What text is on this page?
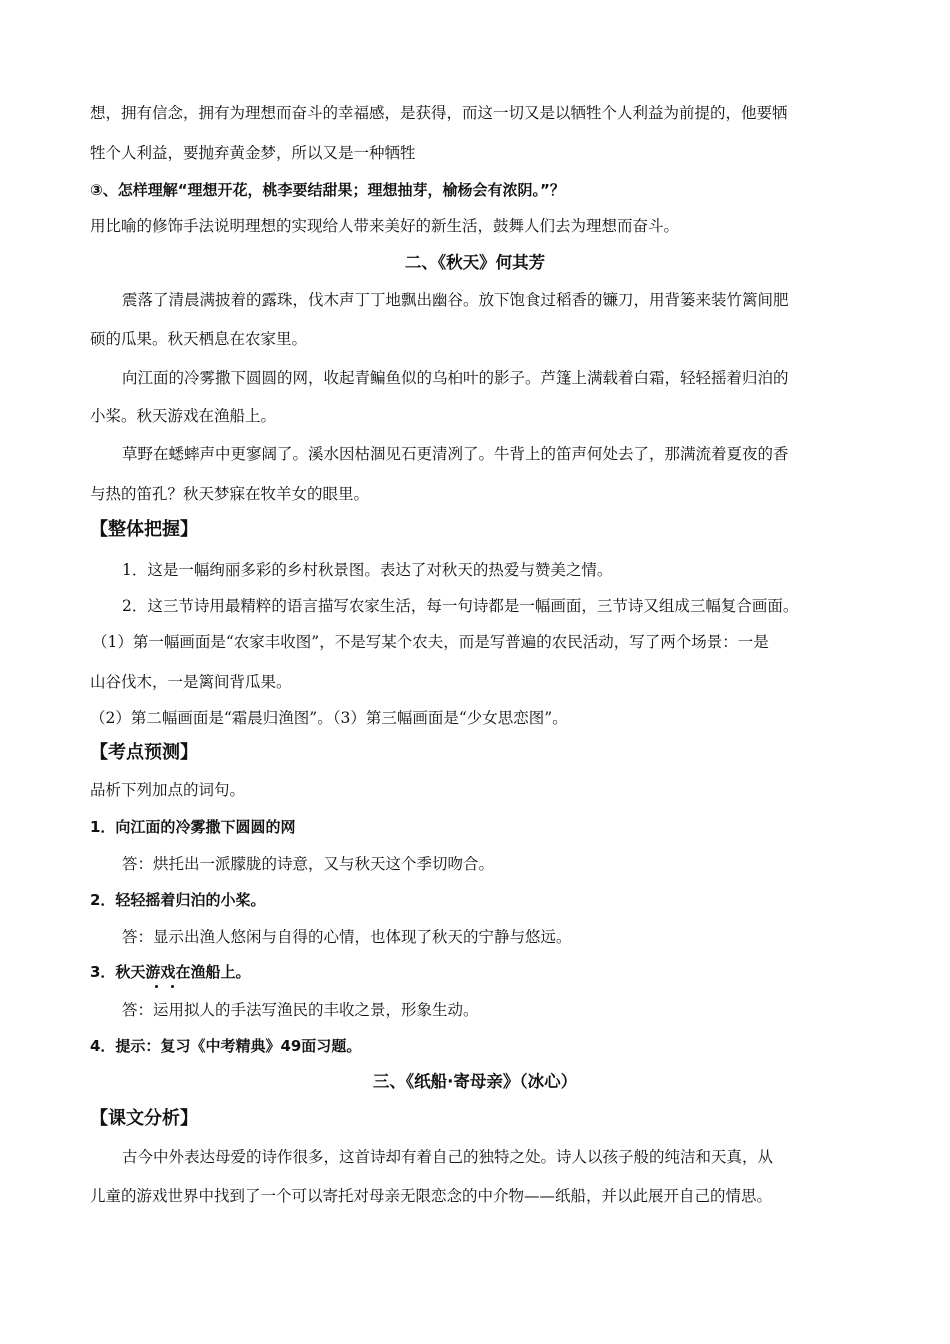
想，拥有信念，拥有为理想而奋斗的幸福感，是获得，而这一切又是以牺牲个人利益为前提的，他要牺
牲个人利益，要抛弃黄金梦，所以又是一种牺牲
③、怎样理解“理想开花，桃李要结甜果；理想抽芽，榆杨会有浓阴。”？
用比喻的修饰手法说明理想的实现给人带来美好的新生活，鼓舞人们去为理想而奋斗。
二、《秋天》何其芳
震落了清晨满披着的露珠，伐木声丁丁地飘出幽谷。放下饱食过稻香的镰刀，用背篓来装竹篱间肥
硕的瓜果。秋天栖息在农家里。
向江面的冷雾撒下圆圆的网，收起青鳊鱼似的乌桕叶的影子。芦篷上满载着白霜，轻轻摇着归泊的
小桨。秋天游戏在渔船上。
草野在蟋蟀声中更寥阔了。溪水因枯涸见石更清冽了。牛背上的笛声何处去了，那满流着夏夜的香
与热的笛孔？秋天梦寐在牧羊女的眼里。
【整体把握】
1．这是一幅绚丽多彩的乡村秋景图。表达了对秋天的热爱与赞美之情。
2．这三节诗用最精粹的语言描写农家生活，每一句诗都是一幅画面，三节诗又组成三幅复合画面。
（1）第一幅画面是“农家丰收图”，不是写某个农夫，而是写普遍的农民活动，写了两个场景：一是
山谷伐木，一是篱间背瓜果。
（2）第二幅画面是“霜晨归渔图”。（3）第三幅画面是“少女思恋图”。
【考点预测】
品析下列加点的词句。
1．向江面的冷雾撒下圆圆的网
答：烘托出一派朦胧的诗意，又与秋天这个季切吻合。
2．轻轻摇着归泊的小桨。
答：显示出渔人悠闲与自得的心情，也体现了秋天的宁静与悠远。
3．秋天游戏在渔船上。
答：运用拟人的手法写渔民的丰收之景，形象生动。
4．提示：复习《中考精典》49面习题。
三、《纸船·寄母亲》（冰心）
【课文分析】
古今中外表达母爱的诗作很多，这首诗却有着自己的独特之处。诗人以孩子般的纯洁和天真，从
儿童的游戏世界中找到了一个可以寄托对母亲无限恋念的中介物——纸船，并以此展开自己的情思。
